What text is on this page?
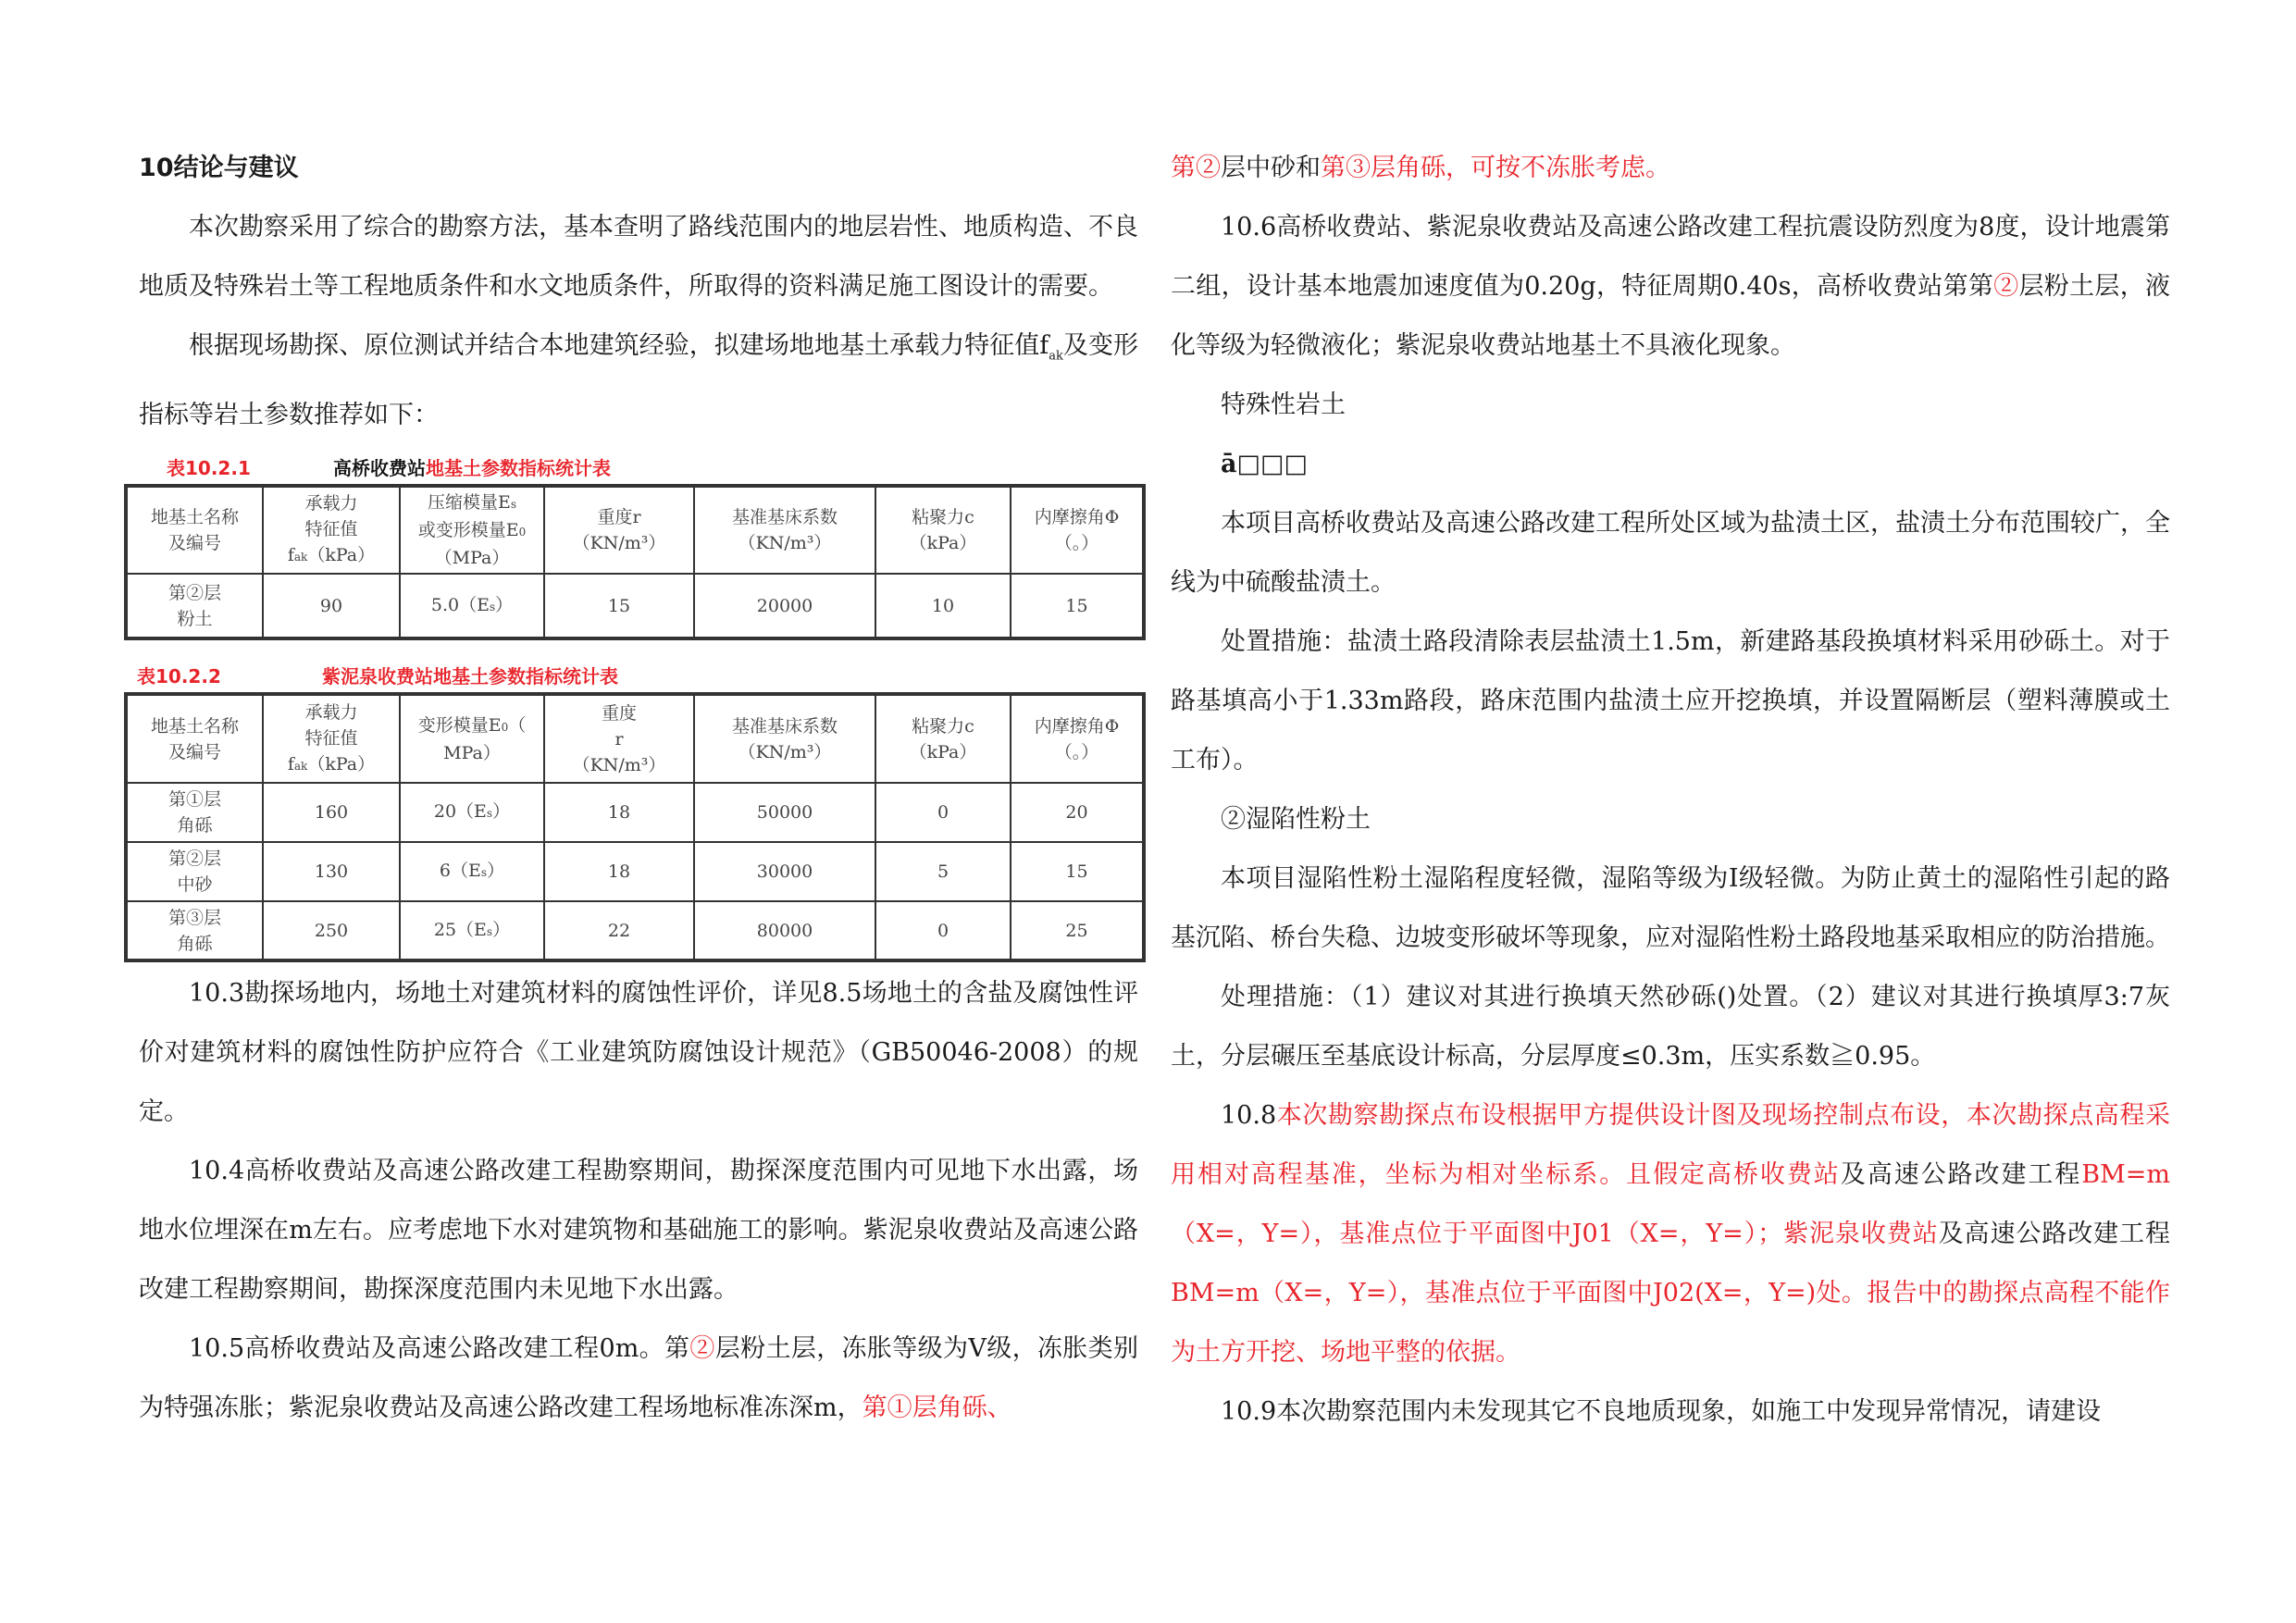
10结论与建议

本次勘察采用了综合的勘察方法，基本查明了路线范围内的地层岩性、地质构造、不良地质及特殊岩土等工程地质条件和水文地质条件，所取得的资料满足施工图设计的需要。

根据现场勘探、原位测试并结合本地建筑经验，拟建场地地基土承载力特征值$f_{ak}$及变形指标等岩土参数推荐如下：

表10.2.1	高桥收费站地基土参数指标统计表
地基土名称
及编号	承载力
特征值
fak（kPa）	压缩模量Es
或变形模量E0
（MPa）	重度r
（KN/m³）	基准基床系数
（KN/m³）	粘聚力c
（kPa）	内摩擦角Φ
（。）
第②层
粉土	90	5.0（Es）	15	20000	10	15
表10.2.2	紫泥泉收费站地基土参数指标统计表
地基土名称
及编号	承载力
特征值
fak（kPa）	变形模量E0（
MPa）	重度
r
（KN/m³）	基准基床系数
（KN/m³）	粘聚力c
（kPa）	内摩擦角Φ
（。）
第①层
角砾	160	20（Es）	18	50000	0	20
第②层
中砂	130	6（Es）	18	30000	5	15
第③层
角砾	250	25（Es）	22	80000	0	25

10.3勘探场地内，场地土对建筑材料的腐蚀性评价，详见8.5场地土的含盐及腐蚀性评价对建筑材料的腐蚀性防护应符合《工业建筑防腐蚀设计规范》（GB50046-2008）的规定。

10.4高桥收费站及高速公路改建工程勘察期间，勘探深度范围内可见地下水出露，场地水位埋深在m左右。应考虑地下水对建筑物和基础施工的影响。紫泥泉收费站及高速公路改建工程勘察期间，勘探深度范围内未见地下水出露。

10.5高桥收费站及高速公路改建工程0m。第②层粉土层，冻胀等级为V级，冻胀类别为特强冻胀；紫泥泉收费站及高速公路改建工程场地标准冻深m，第①层角砾、

第②层中砂和第③层角砾，可按不冻胀考虑。

10.6高桥收费站、紫泥泉收费站及高速公路改建工程抗震设防烈度为8度，设计地震第二组，设计基本地震加速度值为0.20g，特征周期0.40s，高桥收费站第第②层粉土层，液化等级为轻微液化；紫泥泉收费站地基土不具液化现象。

特殊性岩土

ā□□□

本项目高桥收费站及高速公路改建工程所处区域为盐渍土区，盐渍土分布范围较广，全线为中硫酸盐渍土。

处置措施：盐渍土路段清除表层盐渍土1.5m，新建路基段换填材料采用砂砾土。对于路基填高小于1.33m路段，路床范围内盐渍土应开挖换填，并设置隔断层（塑料薄膜或土工布）。

②湿陷性粉土

本项目湿陷性粉土湿陷程度轻微，湿陷等级为Ⅰ级轻微。为防止黄土的湿陷性引起的路基沉陷、桥台失稳、边坡变形破坏等现象，应对湿陷性粉土路段地基采取相应的防治措施。

处理措施：（1）建议对其进行换填天然砂砾()处置。（2）建议对其进行换填厚3:7灰土，分层碾压至基底设计标高，分层厚度≤0.3m，压实系数≧0.95。

10.8本次勘察勘探点布设根据甲方提供设计图及现场控制点布设，本次勘探点高程采用相对高程基准，坐标为相对坐标系。且假定高桥收费站及高速公路改建工程BM=m（X=，Y=），基准点位于平面图中J01（X=，Y=）；紫泥泉收费站及高速公路改建工程BM=m（X=，Y=），基准点位于平面图中J02(X=，Y=)处。报告中的勘探点高程不能作为土方开挖、场地平整的依据。

10.9本次勘察范围内未发现其它不良地质现象，如施工中发现异常情况，请建设
